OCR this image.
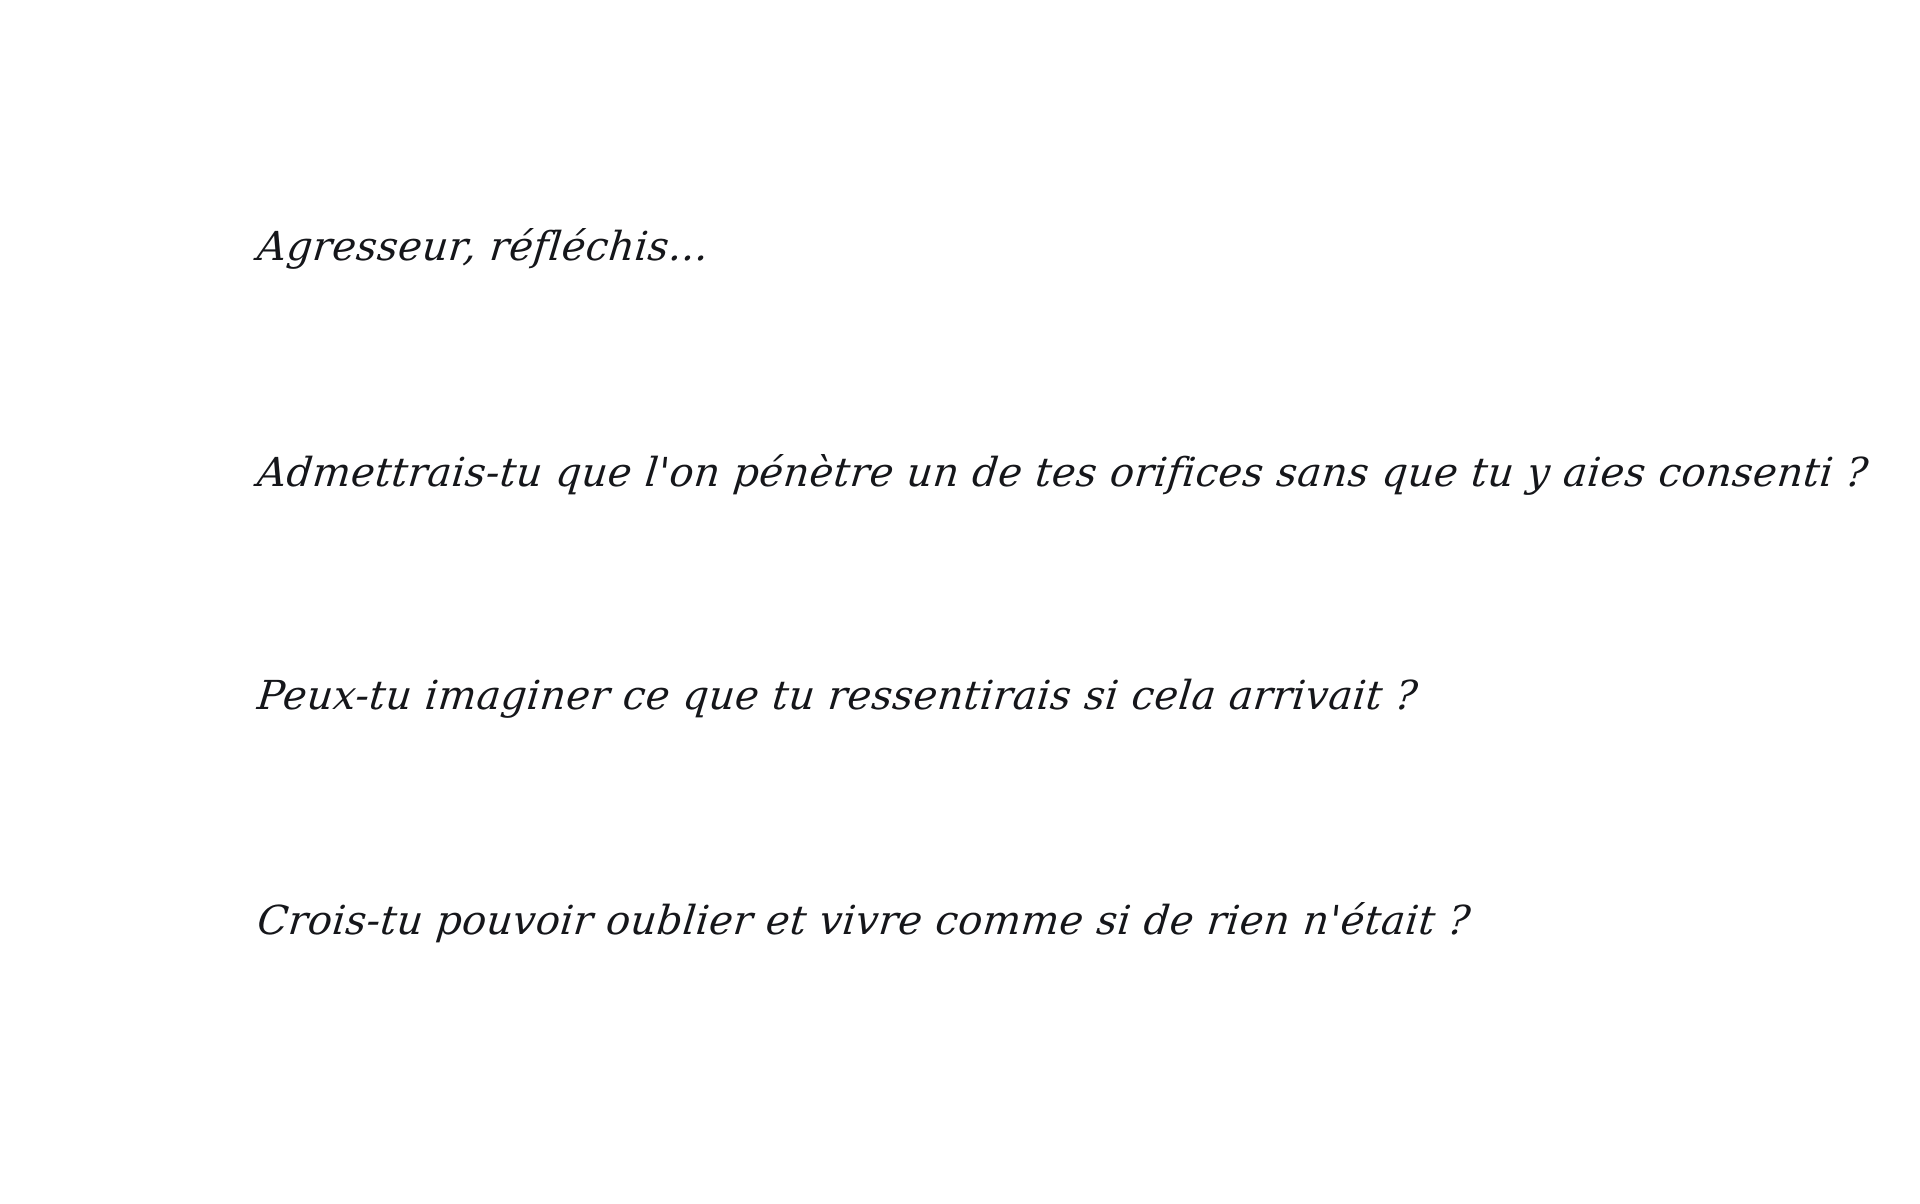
Agresseur, réfléchis...
Admettrais-tu que l'on pénètre un de tes orifices sans que tu y aies consenti ?
Peux-tu imaginer ce que tu ressentirais si cela arrivait ?
Crois-tu pouvoir oublier et vivre comme si de rien n'était ?
